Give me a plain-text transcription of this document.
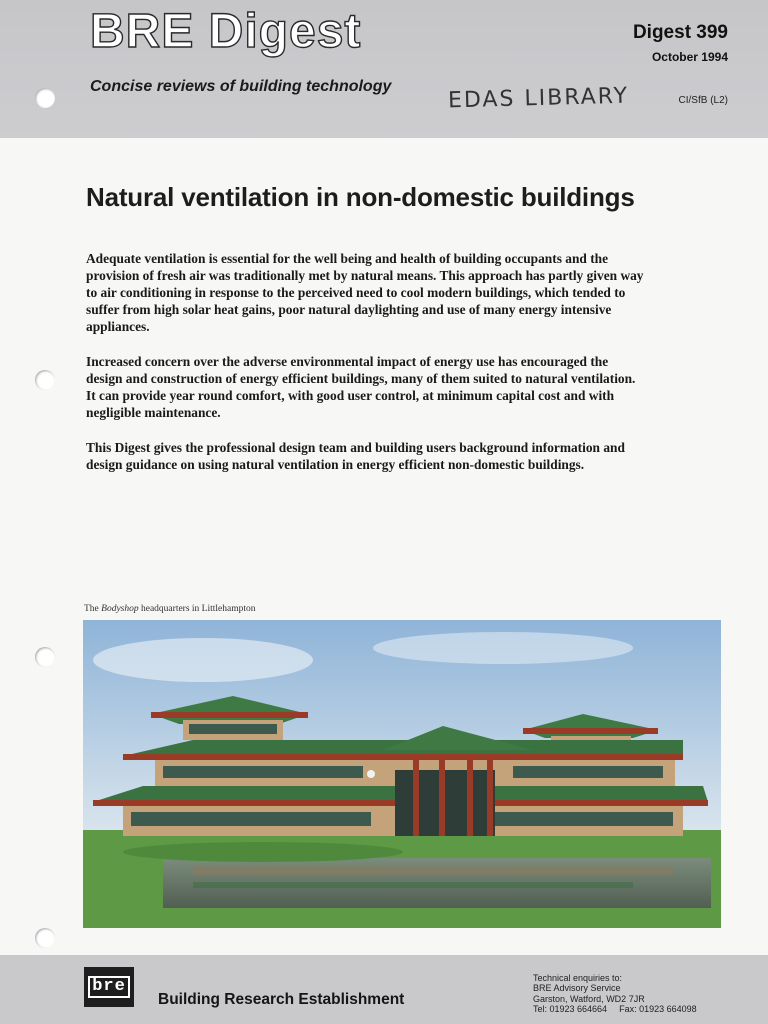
BRE Digest
Concise reviews of building technology
Digest 399
October 1994
EDAS LIBRARY	CI/SfB (L2)
Natural ventilation in non-domestic buildings

Adequate ventilation is essential for the well being and health of building occupants and the provision of fresh air was traditionally met by natural means. This approach has partly given way to air conditioning in response to the perceived need to cool modern buildings, which tended to suffer from high solar heat gains, poor natural daylighting and use of many energy intensive appliances.

Increased concern over the adverse environmental impact of energy use has encouraged the design and construction of energy efficient buildings, many of them suited to natural ventilation. It can provide year round comfort, with good user control, at minimum capital cost and with negligible maintenance.

This Digest gives the professional design team and building users background information and design guidance on using natural ventilation in energy efficient non-domestic buildings.

The Bodyshop headquarters in Littlehampton
bre
Building Research Establishment
Technical enquiries to:
BRE Advisory Service
Garston, Watford, WD2 7JR
Tel: 01923 664664 Fax: 01923 664098
